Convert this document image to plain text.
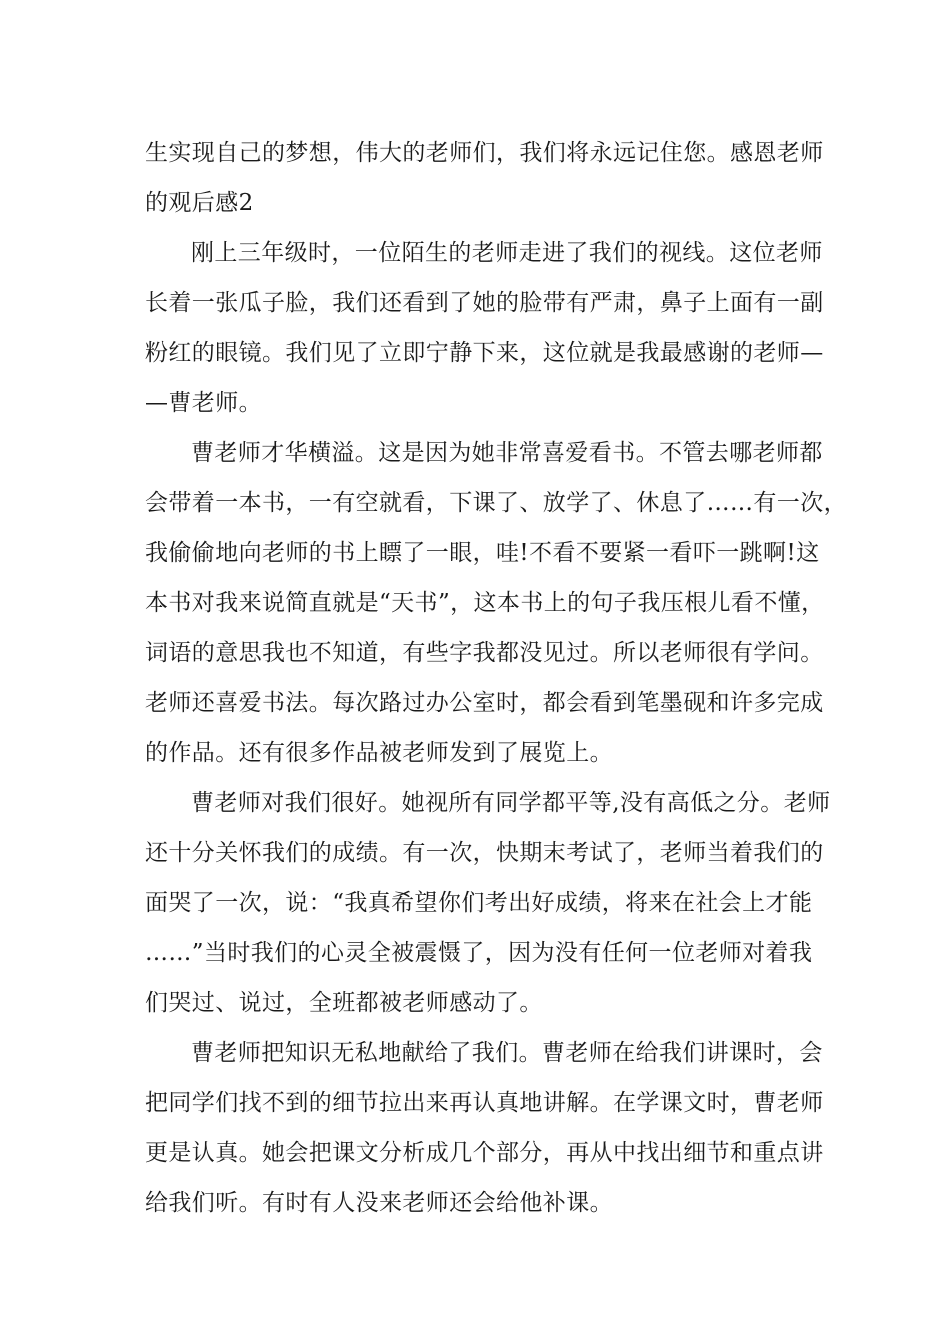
生实现自己的梦想，伟大的老师们，我们将永远记住您。感恩老师
的观后感2

刚上三年级时，一位陌生的老师走进了我们的视线。这位老师
长着一张瓜子脸，我们还看到了她的脸带有严肃，鼻子上面有一副
粉红的眼镜。我们见了立即宁静下来，这位就是我最感谢的老师—
—曹老师。

曹老师才华横溢。这是因为她非常喜爱看书。不管去哪老师都
会带着一本书，一有空就看，下课了、放学了、休息了……有一次，
我偷偷地向老师的书上瞟了一眼，哇!不看不要紧一看吓一跳啊!这
本书对我来说简直就是“天书”，这本书上的句子我压根儿看不懂，
词语的意思我也不知道，有些字我都没见过。所以老师很有学问。
老师还喜爱书法。每次路过办公室时，都会看到笔墨砚和许多完成
的作品。还有很多作品被老师发到了展览上。

曹老师对我们很好。她视所有同学都平等,没有高低之分。老师
还十分关怀我们的成绩。有一次，快期末考试了，老师当着我们的
面哭了一次，说：“我真希望你们考出好成绩，将来在社会上才能
……”当时我们的心灵全被震慑了，因为没有任何一位老师对着我
们哭过、说过，全班都被老师感动了。

曹老师把知识无私地献给了我们。曹老师在给我们讲课时，会
把同学们找不到的细节拉出来再认真地讲解。在学课文时，曹老师
更是认真。她会把课文分析成几个部分，再从中找出细节和重点讲
给我们听。有时有人没来老师还会给他补课。
